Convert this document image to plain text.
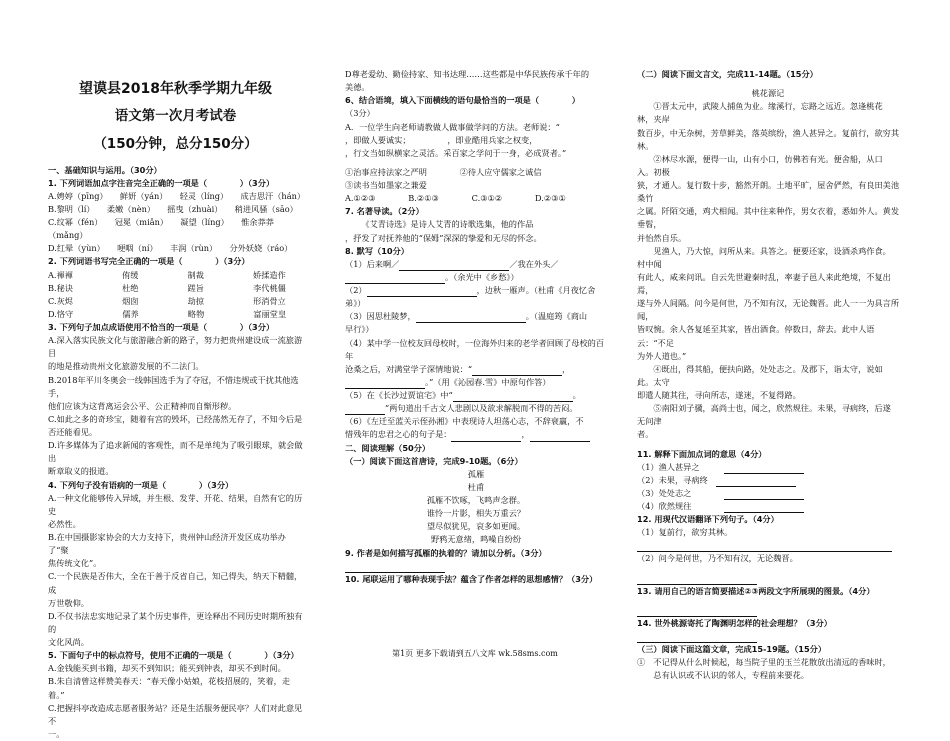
望谟县2018年秋季学期九年级
语文第一次月考试卷
（150分钟，总分150分）
一、基础知识与运用。（30分）
1. 下列词语加点字注音完全正确的一项是（　　　　）（3分）
A.娉婷（pīng）　　鲜妍（yán）　　轻灵（líng）　　成吉思汗（hán）
B.黎明（lí）　　柔嫩（nèn）　　摇曳（zhuài）　　稍进风骚（sāo）
C.纹幂（fén）　　冠冕（miǎn）　　凝望（líng）　　惟余莽莽
（mǎng）
D.红晕（yùn）　　哽咽（ní）　　丰润（rùn）　　分外妖娆（ráo）
2. 下列词语书写完全正确的一项是（　　　　）（3分）
A.褌褌　　　　　　侑缓　　　　　　制裁　　　　　　娇揉造作
B.秘诀　　　　　　杜绝　　　　　　蹉旨　　　　　　李代桃僵
C.灰烬　　　　　　烟囱　　　　　　劫掠　　　　　　形消骨立
D.恪守　　　　　　儒养　　　　　　略物　　　　　　富丽堂皇
3. 下列句子加点成语使用不恰当的一项是（　　　　）（3分）
A.深入落实民族文化与旅游融合新的路子，努力把贵州建设成一流旅游目
的地是推动贵州文化旅游发展的不二法门。
B.2018年平川冬奥会一线韩国选手为了夺冠，不惜违规或干扰其他选手，
他们应该为这背离运会公平、公正精神而自惭形秽。
C.如此之多的奇珍宝，随着有宫的毁坏，已经荡然无存了，不知今后是
否还能看见。
D.许多媒体为了追求新闻的客观性，而不是单纯为了吸引眼球，就会做出
断章取义的报道。
4. 下列句子没有语病的一项是（　　　　）（3分）
A.一种文化能够传入异域，并生根、发芽、开花、结果，自然有它的历史
必然性。
B.在中国摄影家协会的大力支持下，贵州钟山经济开发区成功举办了“聚
焦传统文化”。
C.一个民族是否伟大，全在于善于反省自己，知己得失，纳天下精髓，成
万世敬仰。
D.不仅书法忠实地记录了某个历史事件，更诠释出不同历史时期所独有的
文化风尚。
5. 下面句子中的标点符号，使用不正确的一项是（　　　　）（3分）
A.金钱能买到书籍，却买不到知识；能买到钟表，却买不到时间。
B.朱自清曾这样赞美春天：“春天像小姑娘，花枝招展的，笑着，走
着。”
C.把握抖亭改造成志愿者服务站？还是生活服务便民亭？人们对此意见不
一。
D尊老爱幼、勤俭持家、知书达理……这些都是中华民族传承千年的
美德。
6、结合语境，填入下面横线的语句最恰当的一项是（　　　　）
（3分）
A．一位学生向老师请教做人做事做学问的方法。老师说：“
，即做人要诚实；　　　　　，即业酷用兵家之权变，
，行文当如纵横家之灵活。采百家之学问于一身，必成贤者。”
①治事应持法家之严明　　　　②待人应守儒家之诚信
③读书当如墨家之兼爱
A.①②③　　　　B.②①③　　　　C.③①②　　　　D.②③①
7. 名著导读。（2分）
《艾青诗选》是诗人艾青的诗歌选集，他的作品
，抒发了对抚养他的“保姆”深深的挚爱和无尽的怀念。
8. 默写（10分）
（1）后来啊／	／我在外头／
。（余光中《乡愁》）
（2）	，边秋一雁声。（杜甫《月夜忆舍
弟》）
（3）因思杜陵梦，	。（温庭筠《商山
早行》）
（4）某中学一位校友回母校时，一位海外归来的老学者回顾了母校的百年
沧桑之后，对满堂学子深情地说：“	，
。”（用《沁园春.雪》中原句作答）
（5）在《长沙过贾谊宅》中“	。
”两句道出千古文人悲剧以及欲求解脱而不得的苦闷。
（6）《左迁至蓝关示侄孙湘》中表现诗人坦荡心志，不辞衰羸，不
惜残年的忠君之心的句子是：	，
二、阅读理解（50分）
（一）阅读下面这首唐诗，完成9-10题。（6分）
孤雁
杜甫
孤雁不饮啄，飞鸣声念群。
谁怜一片影，相失万重云？
望尽似犹见，哀多如更闻。
野鸦无意绪，鸣噪自纷纷
9. 作者是如何描写孤雁的执着的？请加以分析。（3分）
10. 尾联运用了哪种表现手法？蕴含了作者怎样的思想感情？（3分）
（二）阅读下面文言文，完成11-14题。（15分）
桃花源记
①晋太元中，武陵人捕鱼为业。缘溪行，忘路之远近。忽逢桃花林，夹岸
数百步，中无杂树，芳草鲜美，落英缤纷，渔人甚异之。复前行，欲穷其林。
②林尽水源，便得一山，山有小口，仿佛若有光。便舍船，从口入。初极
狭，才通人。复行数十步，豁然开朗。土地平旷，屋舍俨然，有良田美池桑竹
之属。阡陌交通，鸡犬相闻。其中往来种作，男女衣着，悉如外人。黄发垂髫，
并怡然自乐。
见渔人，乃大惊，问所从来。具答之。便要还家，设酒杀鸡作食。村中闻
有此人，咸来问讯。自云先世避秦时乱，率妻子邑人来此绝境，不复出焉，
遂与外人间隔。问今是何世，乃不知有汉，无论魏晋。此人一一为具言所闻，
皆叹惋。余人各复延至其家，皆出酒食。停数日，辞去。此中人语云：“不足
为外人道也。”
④既出，得其船，便扶向路，处处志之。及郡下，诣太守，说如此。太守
即遣人随其往，寻向所志，遂迷，不复得路。
⑤南阳刘子骥，高尚士也，闻之，欣然规往。未果，寻病终，后遂无问津
者。
11. 解释下面加点词的意思（4分）
（1）渔人甚异之　　　
（2）未果，寻病终　
（3）处处志之　　　　
（4）欣然规往　　　　
12. 用现代汉语翻译下列句子。（4分）
（1）复前行，欲穷其林。
（2）问今是何世，乃不知有汉，无论魏晋。
13. 请用自己的语言简要描述②③两段文字所展现的图景。（4分）
14. 世外桃源寄托了陶渊明怎样的社会理想？（3分）
（三）阅读下面这篇文章，完成15-19题。（15分）
①　不记得从什么时候起，每当院子里的玉兰花散放出清远的香味时，
总有认识或不认识的邻人，专程前来要花。
第1页 更多下载请到五八文库 wk.58sms.com
